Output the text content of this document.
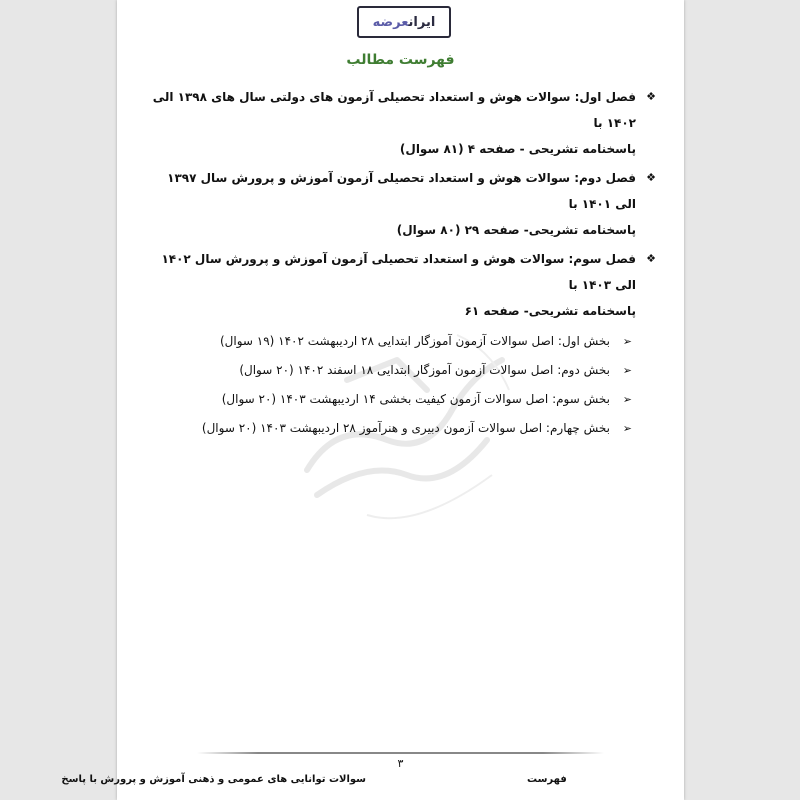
ایرانعرضه
فهرست مطالب
❖
فصل اول: سوالات هوش و استعداد تحصیلی آزمون های دولتی سال های ۱۳۹۸ الی ۱۴۰۲ با
پاسخنامه تشریحی - صفحه ۴ (۸۱ سوال)
❖
فصل دوم: سوالات هوش و استعداد تحصیلی آزمون آموزش و پرورش سال ۱۳۹۷ الی ۱۴۰۱ با
پاسخنامه تشریحی- صفحه ۲۹ (۸۰ سوال)
❖
فصل سوم: سوالات هوش و استعداد تحصیلی آزمون آموزش و پرورش سال ۱۴۰۲ الی ۱۴۰۳ با
پاسخنامه تشریحی- صفحه ۶۱
➢
بخش اول: اصل سوالات آزمون آموزگار ابتدایی ۲۸ اردیبهشت ۱۴۰۲ (۱۹ سوال)
➢
بخش دوم: اصل سوالات آزمون آموزگار ابتدایی ۱۸ اسفند ۱۴۰۲ (۲۰ سوال)
➢
بخش سوم: اصل سوالات آزمون کیفیت بخشی ۱۴ اردیبهشت ۱۴۰۳ (۲۰ سوال)
➢
بخش چهارم: اصل سوالات آزمون دبیری و هنرآموز ۲۸ اردیبهشت ۱۴۰۳ (۲۰ سوال)
۳
سوالات توانایی های عمومی و ذهنی آموزش و پرورش با پاسخ	فهرست
